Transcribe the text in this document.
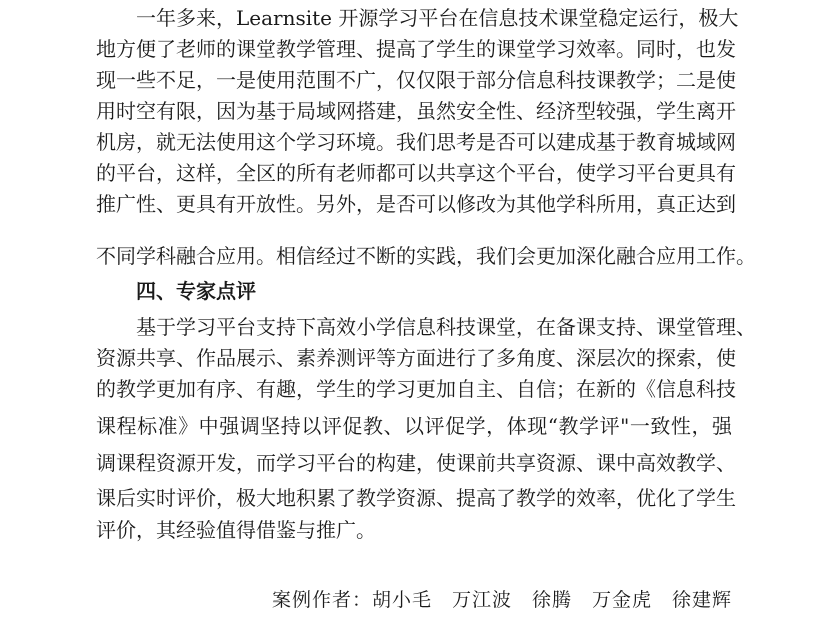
一年多来，Learnsite 开源学习平台在信息技术课堂稳定运行，极大
地方便了老师的课堂教学管理、提高了学生的课堂学习效率。同时，也发
现一些不足，一是使用范围不广，仅仅限于部分信息科技课教学；二是使
用时空有限，因为基于局域网搭建，虽然安全性、经济型较强，学生离开
机房，就无法使用这个学习环境。我们思考是否可以建成基于教育城域网
的平台，这样，全区的所有老师都可以共享这个平台，使学习平台更具有
推广性、更具有开放性。另外，是否可以修改为其他学科所用，真正达到
不同学科融合应用。相信经过不断的实践，我们会更加深化融合应用工作。
四、专家点评
基于学习平台支持下高效小学信息科技课堂，在备课支持、课堂管理、
资源共享、作品展示、素养测评等方面进行了多角度、深层次的探索，使
的教学更加有序、有趣，学生的学习更加自主、自信；在新的《信息科技
课程标准》中强调坚持以评促教、以评促学，体现“教学评"一致性，强
调课程资源开发，而学习平台的构建，使课前共享资源、课中高效教学、
课后实时评价，极大地积累了教学资源、提高了教学的效率，优化了学生
评价，其经验值得借鉴与推广。
案例作者：胡小毛　万江波　徐腾　万金虎　徐建辉
